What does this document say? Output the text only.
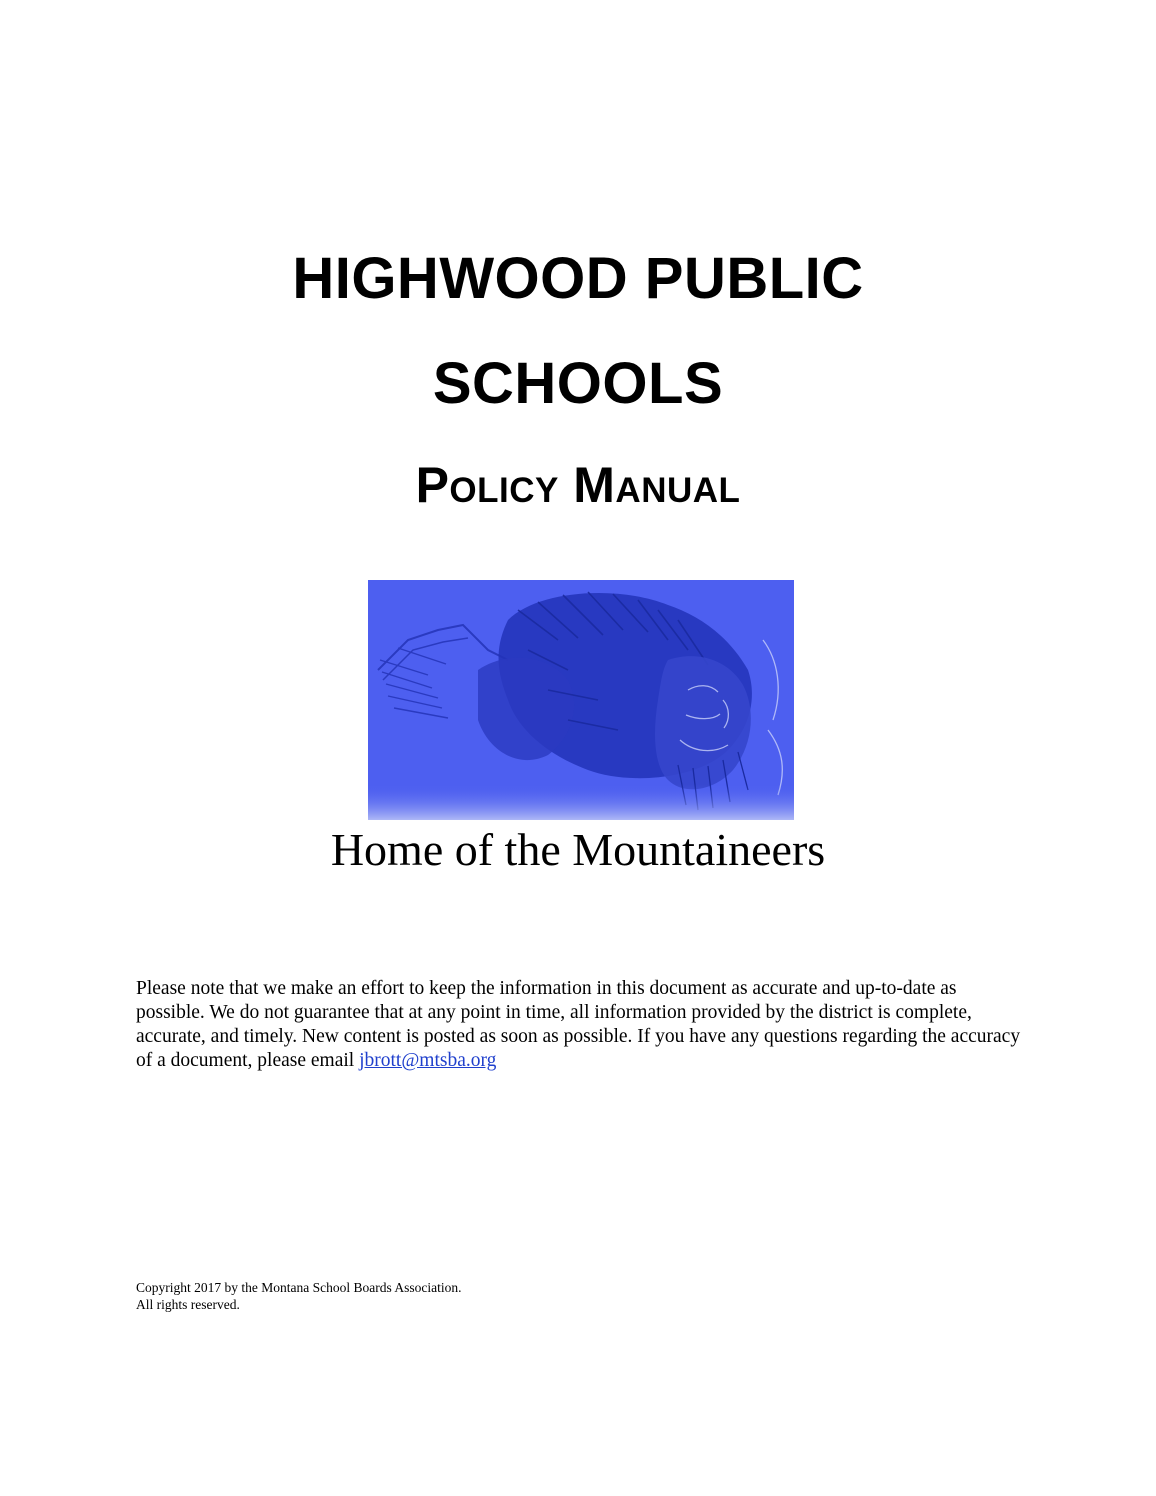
HIGHWOOD PUBLIC
SCHOOLS
Policy Manual

Home of the Mountaineers

Please note that we make an effort to keep the information in this document as accurate and up-to-date as possible. We do not guarantee that at any point in time, all information provided by the district is complete, accurate, and timely. New content is posted as soon as possible. If you have any questions regarding the accuracy of a document, please email jbrott@mtsba.org

Copyright 2017 by the Montana School Boards Association.
All rights reserved.
